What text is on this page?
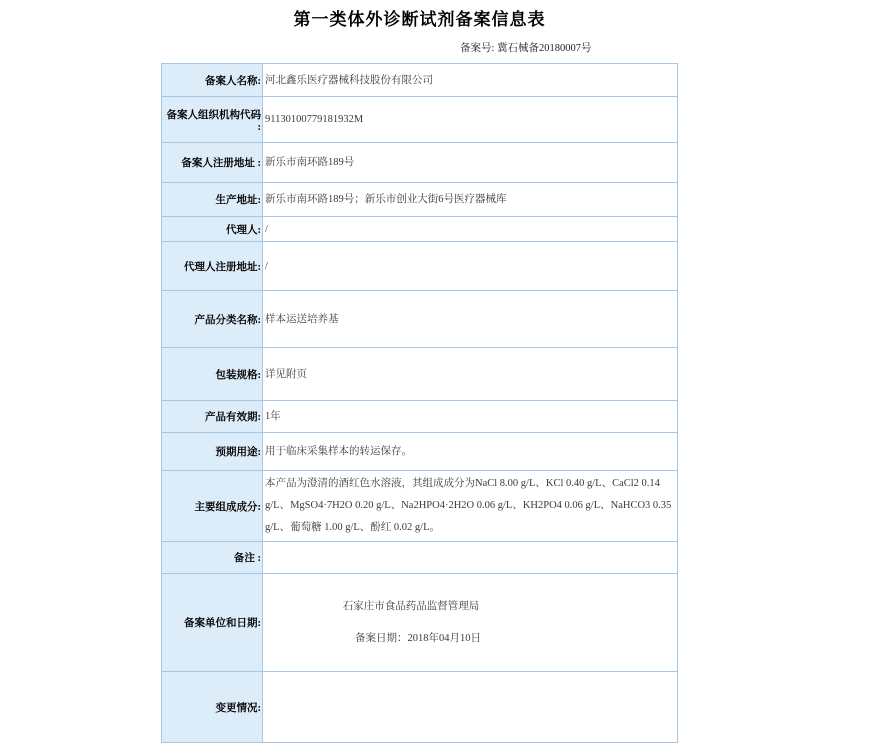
第一类体外诊断试剂备案信息表
备案号: 冀石械备20180007号
备案人名称:	河北鑫乐医疗器械科技股份有限公司
备案人组织机构代码 :	91130100779181932M
备案人注册地址 :	新乐市南环路189号
生产地址:	新乐市南环路189号；新乐市创业大街6号医疗器械库
代理人:	/
代理人注册地址:	/
产品分类名称:	样本运送培养基
包装规格:	详见附页
产品有效期:	1年
预期用途:	用于临床采集样本的转运保存。
主要组成成分:	本产品为澄清的酒红色水溶液，其组成成分为NaCl 8.00 g/L、KCl 0.40 g/L、CaCl2 0.14 g/L、MgSO4·7H2O 0.20 g/L、Na2HPO4·2H2O 0.06 g/L、KH2PO4 0.06 g/L、NaHCO3 0.35 g/L、葡萄糖 1.00 g/L、酚红 0.02 g/L。
备注 :	
备案单位和日期:	石家庄市食品药品监督管理局
备案日期：2018年04月10日

变更情况:	
